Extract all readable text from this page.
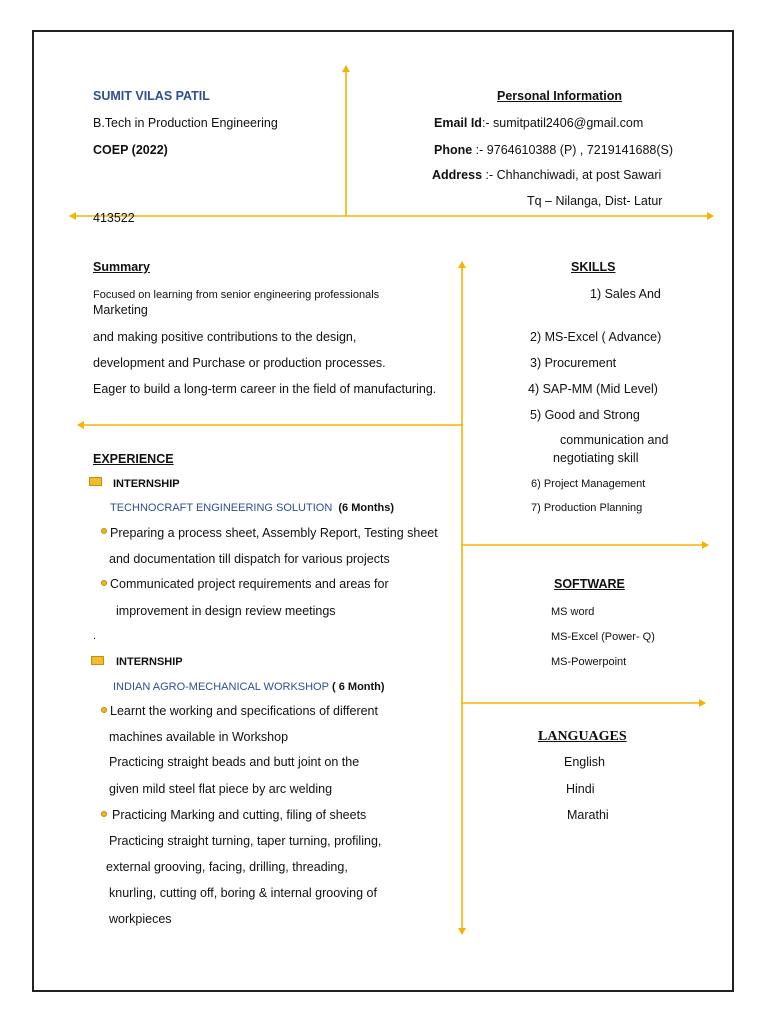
SUMIT VILAS PATIL
B.Tech in Production Engineering
COEP (2022)
413522
Personal Information
Email Id:- sumitpatil2406@gmail.com
Phone :- 9764610388 (P) , 7219141688(S)
Address :- Chhanchiwadi, at post Sawari
Tq – Nilanga, Dist- Latur
Summary
Focused on learning from senior engineering professionals
Marketing
and making positive contributions to the design,
development and Purchase or production processes.
Eager to build a long-term career in the field of manufacturing.
SKILLS
1) Sales And
2) MS-Excel ( Advance)
3) Procurement
4) SAP-MM (Mid Level)
5) Good and Strong
communication and
negotiating skill
6) Project Management
7) Production Planning
EXPERIENCE
INTERNSHIP
TECHNOCRAFT ENGINEERING SOLUTION (6 Months)
Preparing a process sheet, Assembly Report, Testing sheet
and documentation till dispatch for various projects
Communicated project requirements and areas for
improvement in design review meetings
.
INTERNSHIP
INDIAN AGRO-MECHANICAL WORKSHOP ( 6 Month)
Learnt the working and specifications of different
machines available in Workshop
Practicing straight beads and butt joint on the
given mild steel flat piece by arc welding
Practicing Marking and cutting, filing of sheets
Practicing straight turning, taper turning, profiling,
external grooving, facing, drilling, threading,
knurling, cutting off, boring & internal grooving of
workpieces
SOFTWARE
MS word
MS-Excel (Power- Q)
MS-Powerpoint
LANGUAGES
English
Hindi
Marathi
